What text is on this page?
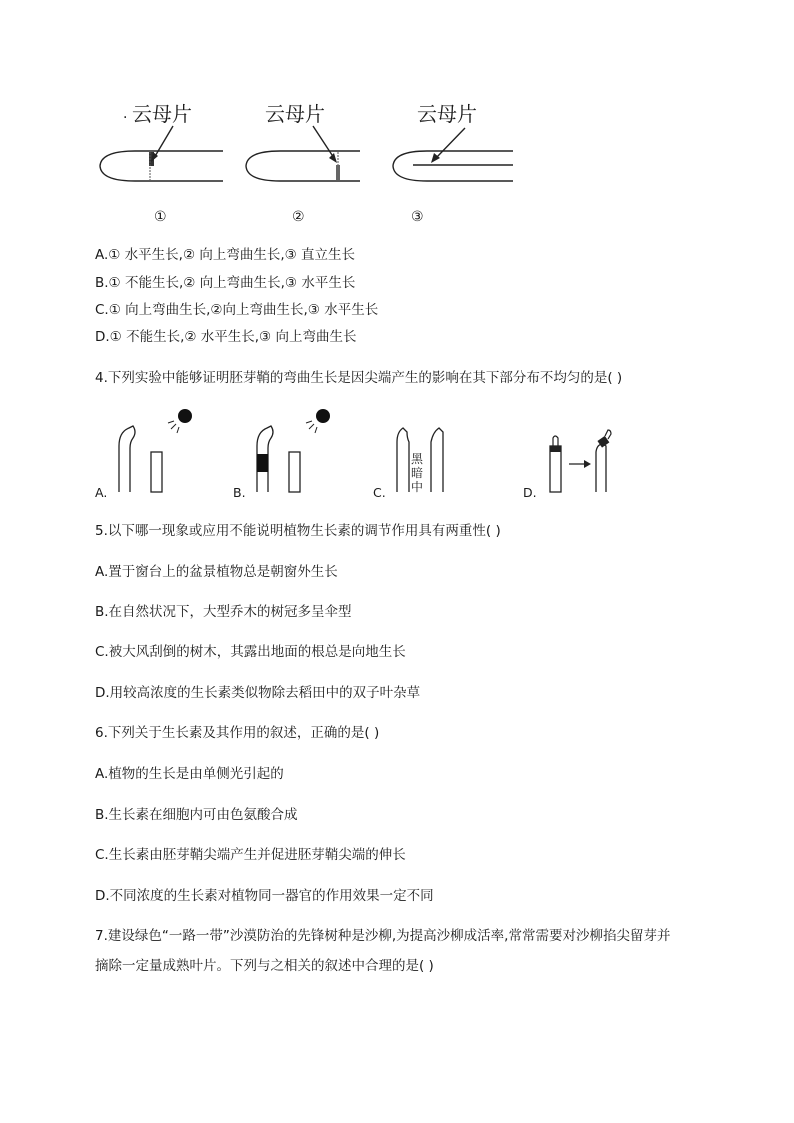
. 云母片	云母片	云母片
①	②	③
A.① 水平生长,② 向上弯曲生长,③ 直立生长
B.① 不能生长,② 向上弯曲生长,③ 水平生长
C.① 向上弯曲生长,②向上弯曲生长,③ 水平生长
D.① 不能生长,② 水平生长,③ 向上弯曲生长
4.下列实验中能够证明胚芽鞘的弯曲生长是因尖端产生的影响在其下部分布不均匀的是( )
黑
暗
中
A.	B.	C.	D.
5.以下哪一现象或应用不能说明植物生长素的调节作用具有两重性( )
A.置于窗台上的盆景植物总是朝窗外生长
B.在自然状况下，大型乔木的树冠多呈伞型
C.被大风刮倒的树木，其露出地面的根总是向地生长
D.用较高浓度的生长素类似物除去稻田中的双子叶杂草
6.下列关于生长素及其作用的叙述，正确的是( )
A.植物的生长是由单侧光引起的
B.生长素在细胞内可由色氨酸合成
C.生长素由胚芽鞘尖端产生并促进胚芽鞘尖端的伸长
D.不同浓度的生长素对植物同一器官的作用效果一定不同
7.建设绿色“一路一带”沙漠防治的先锋树种是沙柳,为提高沙柳成活率,常常需要对沙柳掐尖留芽并
摘除一定量成熟叶片。下列与之相关的叙述中合理的是( )
